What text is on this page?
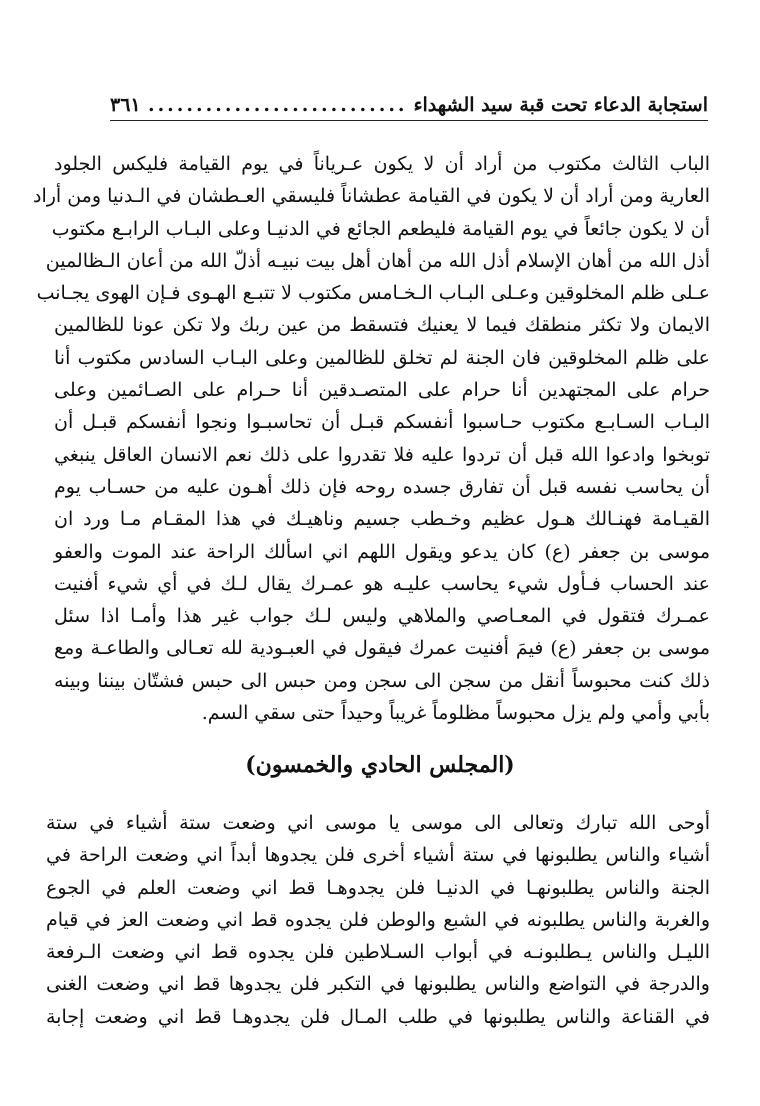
استجابة الدعاء تحت قبة سيد الشهداء
...........................
٣٦١
الباب الثالث مكتوب من أراد أن لا يكون عـرياناً في يوم القيامة فليكس الجلود
العارية ومن أراد أن لا يكون في القيامة عطشاناً فليسقي العـطشان في الـدنيا ومن أراد
أن لا يكون جائعاً في يوم القيامة فليطعم الجائع في الدنيـا وعلى البـاب الرابـع مكتوب
أذل الله من أهان الإسلام أذل الله من أهان أهل بيت نبيـه أذلّ الله من أعان الـظالمين
عـلى ظلم المخلوقين وعـلى البـاب الـخـامس مكتوب لا تتبـع الهـوى فـإن الهوى يجـانب
الايمان ولا تكثر منطقك فيما لا يعنيك فتسقط من عين ربك ولا تكن عونا للظالمين
على ظلم المخلوقين فان الجنة لم تخلق للظالمين وعلى البـاب السادس مكتوب أنا
حرام على المجتهدين أنا حرام على المتصـدقين أنا حـرام على الصـائمين وعلى
البـاب السـابـع مكتوب حـاسبوا أنفسكم قبـل أن تحاسبـوا ونجوا أنفسكم قبـل أن
توبخوا وادعوا الله قبل أن تردوا عليه فلا تقدروا على ذلك نعم الانسان العاقل ينبغي
أن يحاسب نفسه قبل أن تفارق جسده روحه فإن ذلك أهـون عليه من حسـاب يوم
القيـامة فهنـالك هـول عظيم وخـطب جسيم وناهيـك في هذا المقـام مـا ورد ان
موسى بن جعفر (ع) كان يدعو ويقول اللهم اني اسألك الراحة عند الموت والعفو
عند الحساب فـأول شيء يحاسب عليـه هو عمـرك يقال لـك في أي شيء أفنيت
عمـرك فتقول في المعـاصي والملاهي وليس لـك جواب غير هذا وأمـا اذا سئل
موسى بن جعفر (ع) فيمَ أفنيت عمرك فيقول في العبـودية لله تعـالى والطاعـة ومع
ذلك كنت محبوساً أنقل من سجن الى سجن ومن حبس الى حبس فشتّان بيننا وبينه
بأبي وأمي ولم يزل محبوساً مظلوماً غريباً وحيداً حتى سقي السم.
(المجلس الحادي والخمسون)
أوحى الله تبارك وتعالى الى موسى يا موسى اني وضعت ستة أشياء في ستة
أشياء والناس يطلبونها في ستة أشياء أخرى فلن يجدوها أبداً اني وضعت الراحة في
الجنة والناس يطلبونهـا في الدنيـا فلن يجدوهـا قط اني وضعت العلم في الجوع
والغربة والناس يطلبونه في الشبع والوطن فلن يجدوه قط اني وضعت العز في قيام
الليـل والناس يـطلبونـه في أبواب السـلاطين فلن يجدوه قط اني وضعت الـرفعة
والدرجة في التواضع والناس يطلبونها في التكبر فلن يجدوها قط اني وضعت الغنى
في القناعة والناس يطلبونها في طلب المـال فلن يجدوهـا قط اني وضعت إجابة
